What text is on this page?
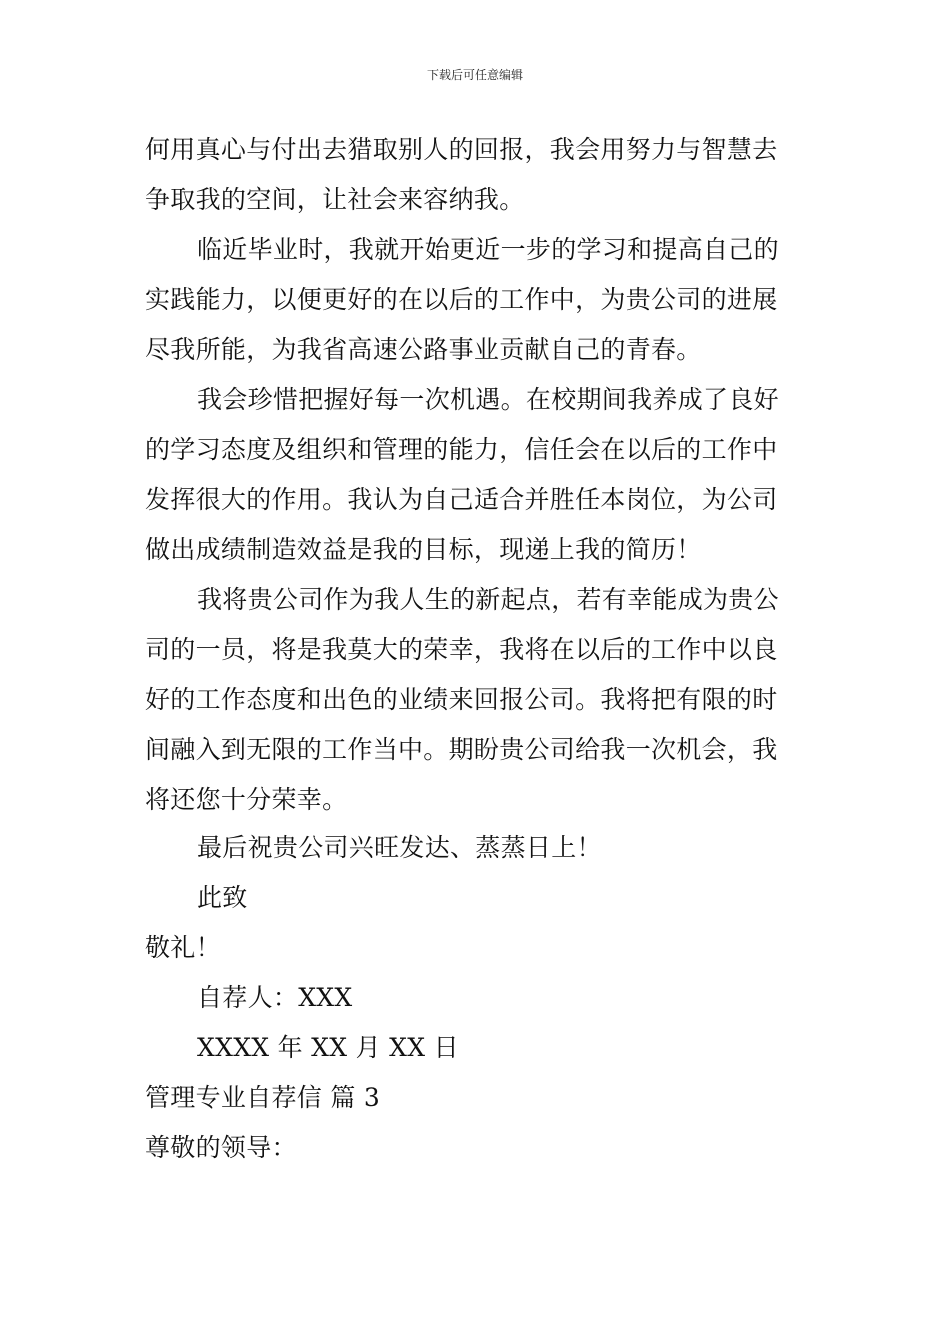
下载后可任意编辑
何用真心与付出去猎取别人的回报，我会用努力与智慧去
争取我的空间，让社会来容纳我。
临近毕业时，我就开始更近一步的学习和提高自己的
实践能力，以便更好的在以后的工作中，为贵公司的进展
尽我所能，为我省高速公路事业贡献自己的青春。
我会珍惜把握好每一次机遇。在校期间我养成了良好
的学习态度及组织和管理的能力，信任会在以后的工作中
发挥很大的作用。我认为自己适合并胜任本岗位，为公司
做出成绩制造效益是我的目标，现递上我的简历！
我将贵公司作为我人生的新起点，若有幸能成为贵公
司的一员，将是我莫大的荣幸，我将在以后的工作中以良
好的工作态度和出色的业绩来回报公司。我将把有限的时
间融入到无限的工作当中。期盼贵公司给我一次机会，我
将还您十分荣幸。
最后祝贵公司兴旺发达、蒸蒸日上！
此致
敬礼！
自荐人：XXX
XXXX 年 XX 月 XX 日
管理专业自荐信 篇 3
尊敬的领导：
